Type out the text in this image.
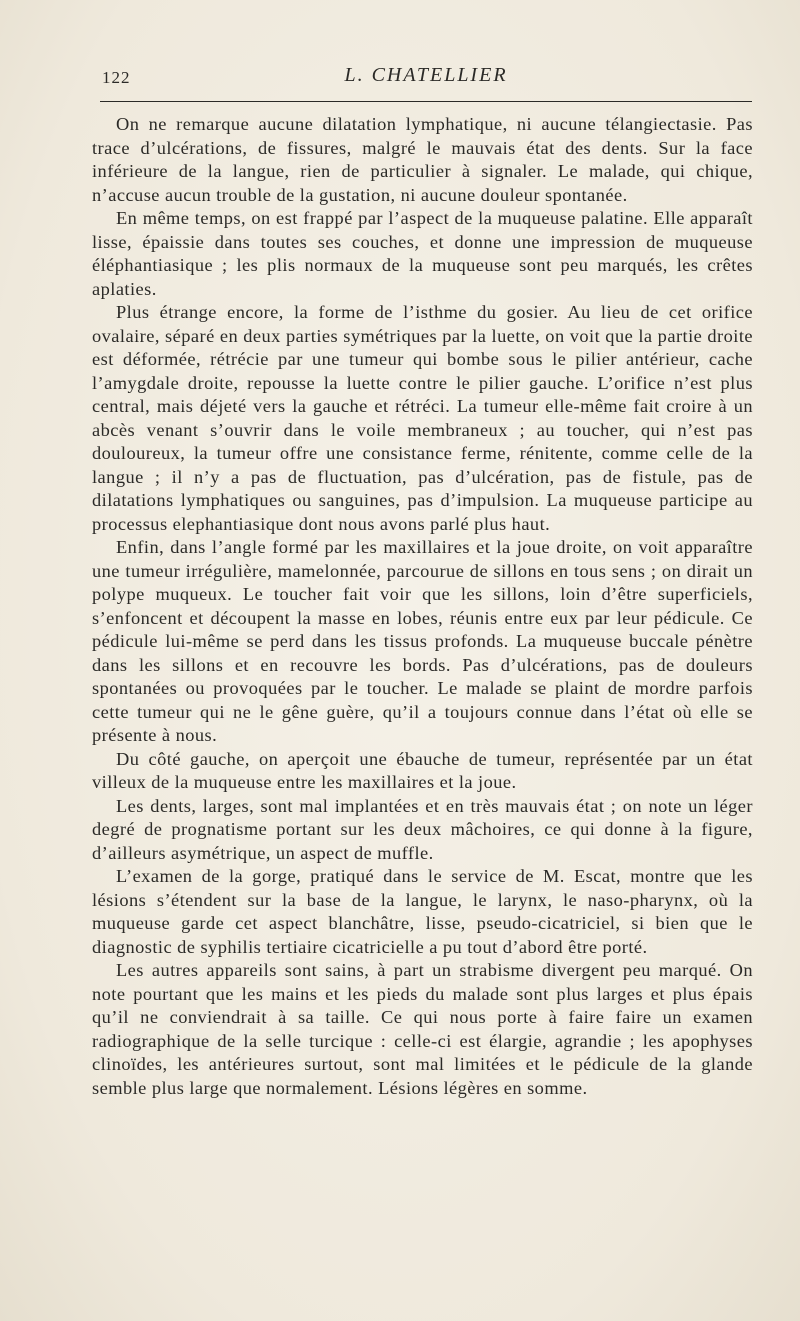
122	L. CHATELLIER

On ne remarque aucune dilatation lymphatique, ni aucune télangiectasie. Pas trace d’ulcérations, de fissures, malgré le mauvais état des dents. Sur la face inférieure de la langue, rien de particulier à signaler. Le malade, qui chique, n’accuse aucun trouble de la gustation, ni aucune douleur spontanée.

En même temps, on est frappé par l’aspect de la muqueuse palatine. Elle apparaît lisse, épaissie dans toutes ses couches, et donne une impression de muqueuse éléphantiasique ; les plis normaux de la muqueuse sont peu marqués, les crêtes aplaties.

Plus étrange encore, la forme de l’isthme du gosier. Au lieu de cet orifice ovalaire, séparé en deux parties symétriques par la luette, on voit que la partie droite est déformée, rétrécie par une tumeur qui bombe sous le pilier antérieur, cache l’amygdale droite, repousse la luette contre le pilier gauche. L’orifice n’est plus central, mais déjeté vers la gauche et rétréci. La tumeur elle-même fait croire à un abcès venant s’ouvrir dans le voile membraneux ; au toucher, qui n’est pas douloureux, la tumeur offre une consistance ferme, rénitente, comme celle de la langue ; il n’y a pas de fluctuation, pas d’ulcération, pas de fistule, pas de dilatations lymphatiques ou sanguines, pas d’impulsion. La muqueuse participe au processus elephantiasique dont nous avons parlé plus haut.

Enfin, dans l’angle formé par les maxillaires et la joue droite, on voit apparaître une tumeur irrégulière, mamelonnée, parcourue de sillons en tous sens ; on dirait un polype muqueux. Le toucher fait voir que les sillons, loin d’être superficiels, s’enfoncent et découpent la masse en lobes, réunis entre eux par leur pédicule. Ce pédicule lui-même se perd dans les tissus profonds. La muqueuse buccale pénètre dans les sillons et en recouvre les bords. Pas d’ulcérations, pas de douleurs spontanées ou provoquées par le toucher. Le malade se plaint de mordre parfois cette tumeur qui ne le gêne guère, qu’il a toujours connue dans l’état où elle se présente à nous.

Du côté gauche, on aperçoit une ébauche de tumeur, représentée par un état villeux de la muqueuse entre les maxillaires et la joue.

Les dents, larges, sont mal implantées et en très mauvais état ; on note un léger degré de prognatisme portant sur les deux mâchoires, ce qui donne à la figure, d’ailleurs asymétrique, un aspect de muffle.

L’examen de la gorge, pratiqué dans le service de M. Escat, montre que les lésions s’étendent sur la base de la langue, le larynx, le naso-pharynx, où la muqueuse garde cet aspect blanchâtre, lisse, pseudo-cicatriciel, si bien que le diagnostic de syphilis tertiaire cicatricielle a pu tout d’abord être porté.

Les autres appareils sont sains, à part un strabisme divergent peu marqué. On note pourtant que les mains et les pieds du malade sont plus larges et plus épais qu’il ne conviendrait à sa taille. Ce qui nous porte à faire faire un examen radiographique de la selle turcique : celle-ci est élargie, agrandie ; les apophyses clinoïdes, les antérieures surtout, sont mal limitées et le pédicule de la glande semble plus large que normalement. Lésions légères en somme.
